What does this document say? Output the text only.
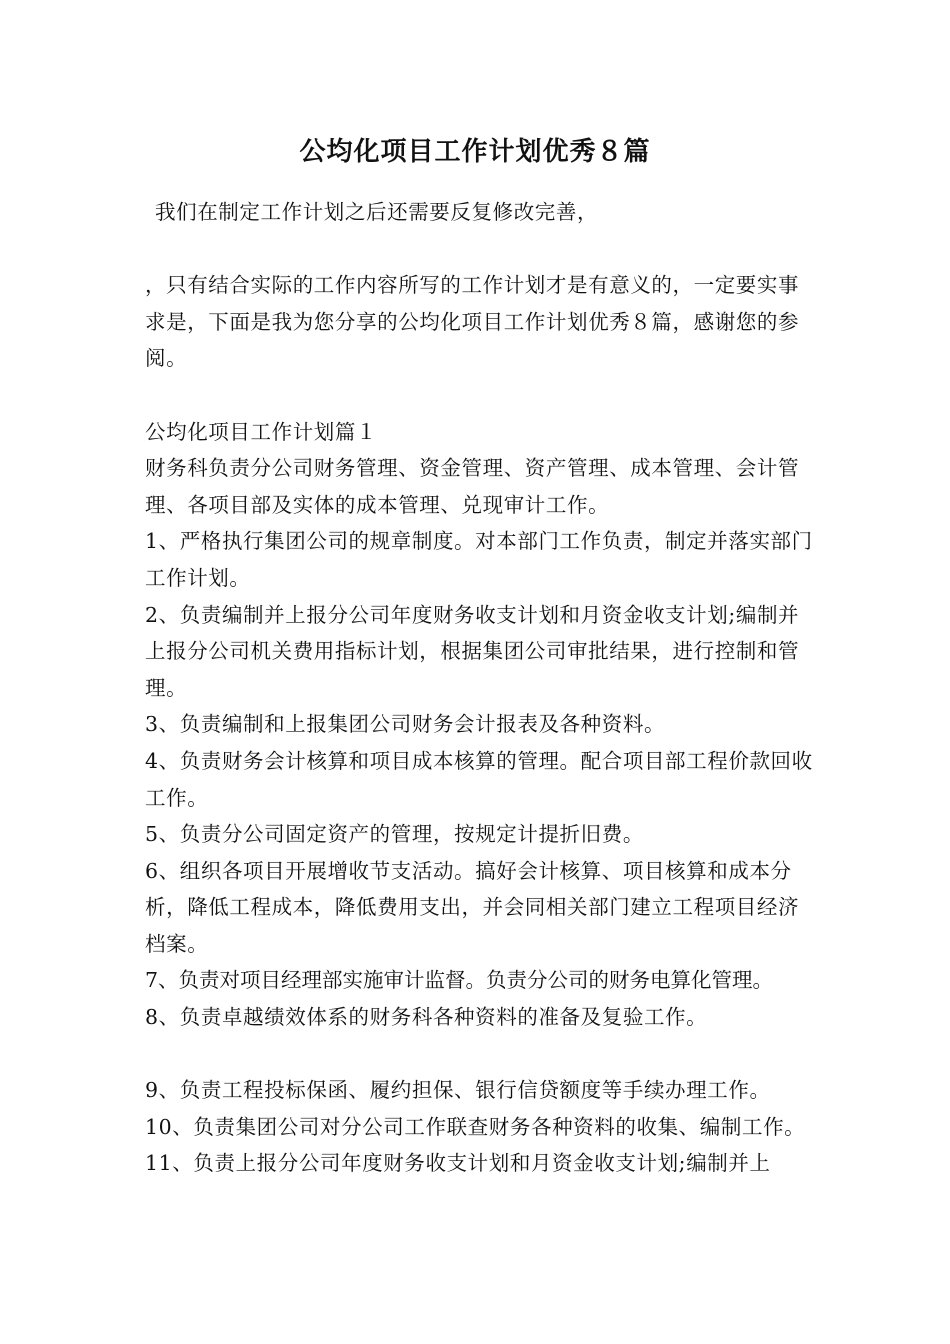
公均化项目工作计划优秀８篇

我们在制定工作计划之后还需要反复修改完善，

，只有结合实际的工作内容所写的工作计划才是有意义的，一定要实事求是，下面是我为您分享的公均化项目工作计划优秀８篇，感谢您的参阅。

公均化项目工作计划篇１

财务科负责分公司财务管理、资金管理、资产管理、成本管理、会计管理、各项目部及实体的成本管理、兑现审计工作。

1、严格执行集团公司的规章制度。对本部门工作负责，制定并落实部门工作计划。

2、负责编制并上报分公司年度财务收支计划和月资金收支计划;编制并上报分公司机关费用指标计划，根据集团公司审批结果，进行控制和管理。

3、负责编制和上报集团公司财务会计报表及各种资料。

4、负责财务会计核算和项目成本核算的管理。配合项目部工程价款回收工作。

5、负责分公司固定资产的管理，按规定计提折旧费。

6、组织各项目开展增收节支活动。搞好会计核算、项目核算和成本分析，降低工程成本，降低费用支出，并会同相关部门建立工程项目经济档案。

7、负责对项目经理部实施审计监督。负责分公司的财务电算化管理。

8、负责卓越绩效体系的财务科各种资料的准备及复验工作。

9、负责工程投标保函、履约担保、银行信贷额度等手续办理工作。

10、负责集团公司对分公司工作联查财务各种资料的收集、编制工作。

11、负责上报分公司年度财务收支计划和月资金收支计划;编制并上
